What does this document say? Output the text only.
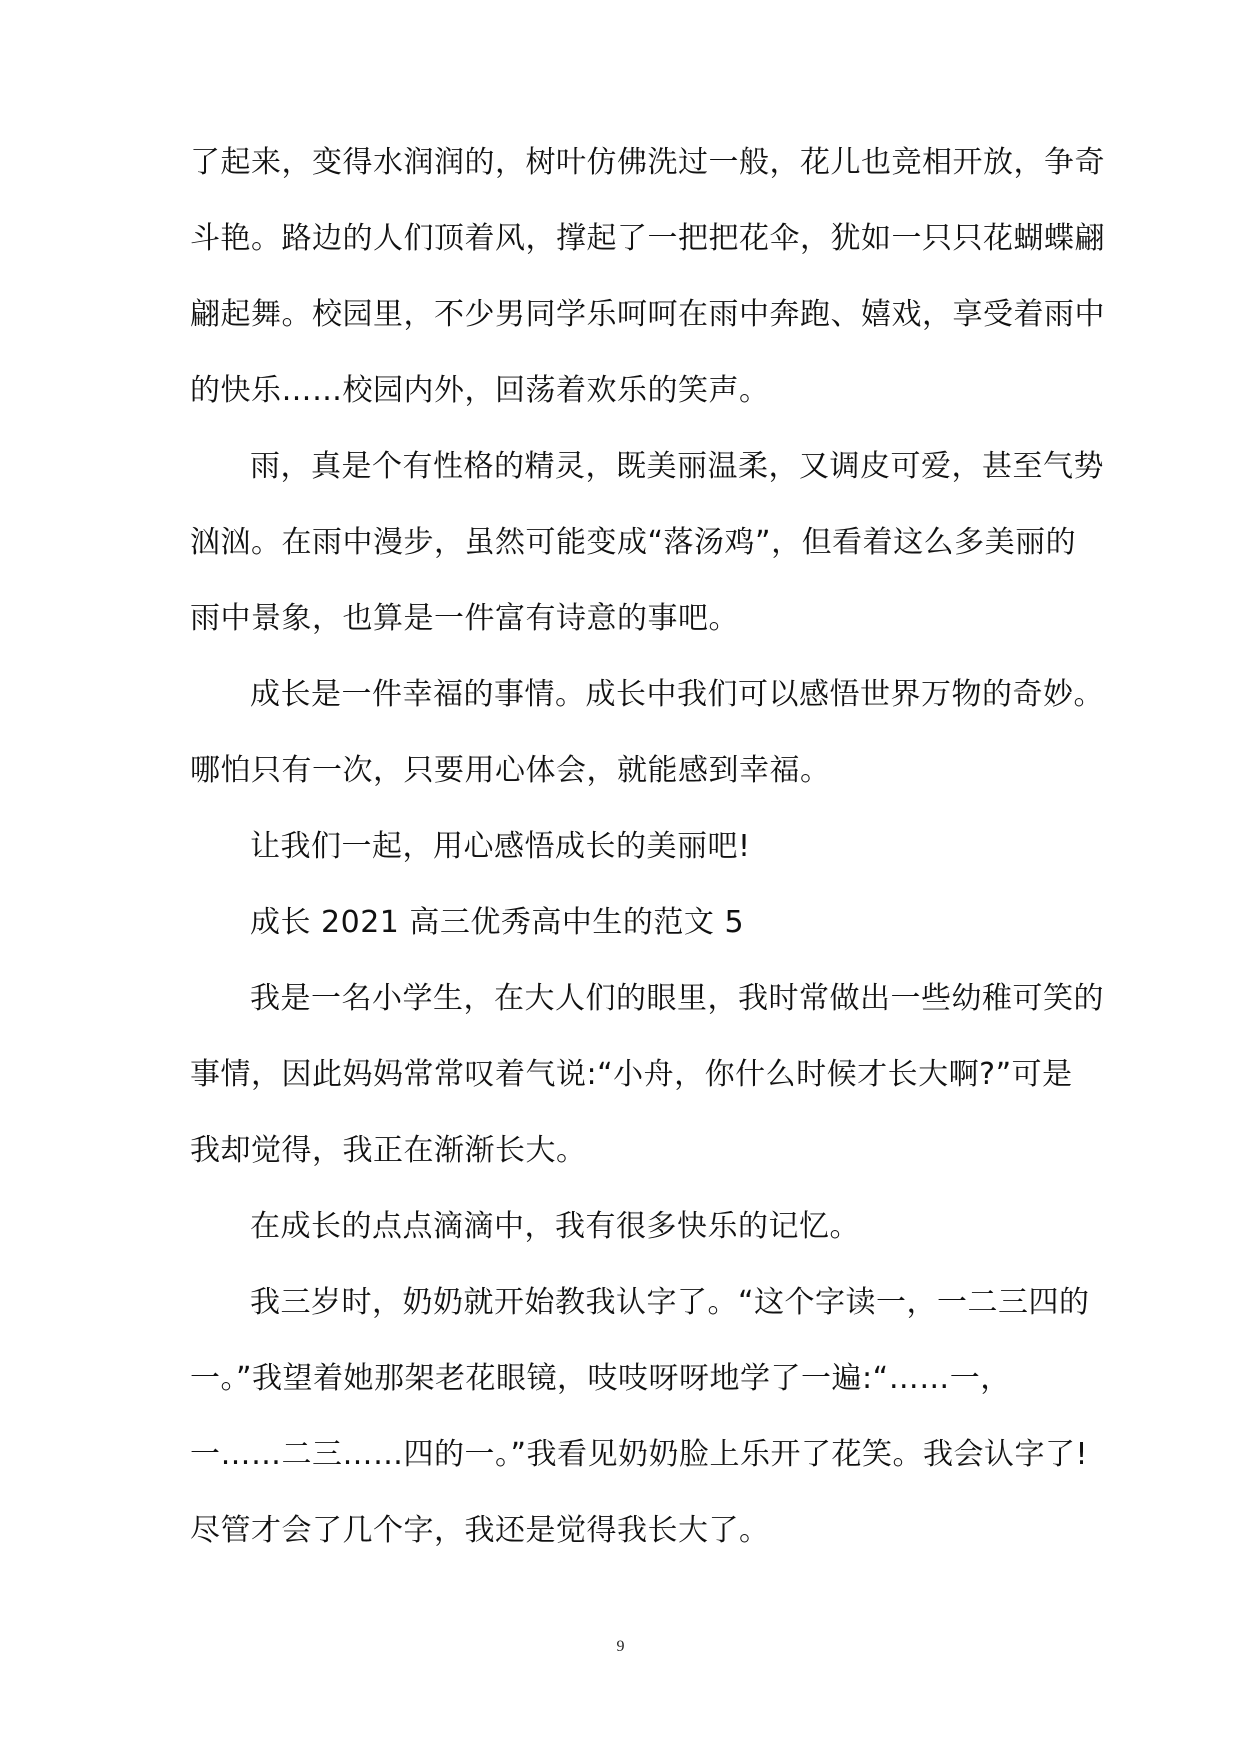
了起来，变得水润润的，树叶仿佛洗过一般，花儿也竞相开放，争奇
斗艳。路边的人们顶着风，撑起了一把把花伞，犹如一只只花蝴蝶翩
翩起舞。校园里，不少男同学乐呵呵在雨中奔跑、嬉戏，享受着雨中
的快乐……校园内外，回荡着欢乐的笑声。
雨，真是个有性格的精灵，既美丽温柔，又调皮可爱，甚至气势
汹汹。在雨中漫步，虽然可能变成“落汤鸡”，但看着这么多美丽的
雨中景象，也算是一件富有诗意的事吧。
成长是一件幸福的事情。成长中我们可以感悟世界万物的奇妙。
哪怕只有一次，只要用心体会，就能感到幸福。
让我们一起，用心感悟成长的美丽吧!
成长 2021 高三优秀高中生的范文 5
我是一名小学生，在大人们的眼里，我时常做出一些幼稚可笑的
事情，因此妈妈常常叹着气说:“小舟，你什么时候才长大啊?”可是
我却觉得，我正在渐渐长大。
在成长的点点滴滴中，我有很多快乐的记忆。
我三岁时，奶奶就开始教我认字了。“这个字读一，一二三四的
一。”我望着她那架老花眼镜，吱吱呀呀地学了一遍:“……一，
一……二三……四的一。”我看见奶奶脸上乐开了花笑。我会认字了!
尽管才会了几个字，我还是觉得我长大了。
9
